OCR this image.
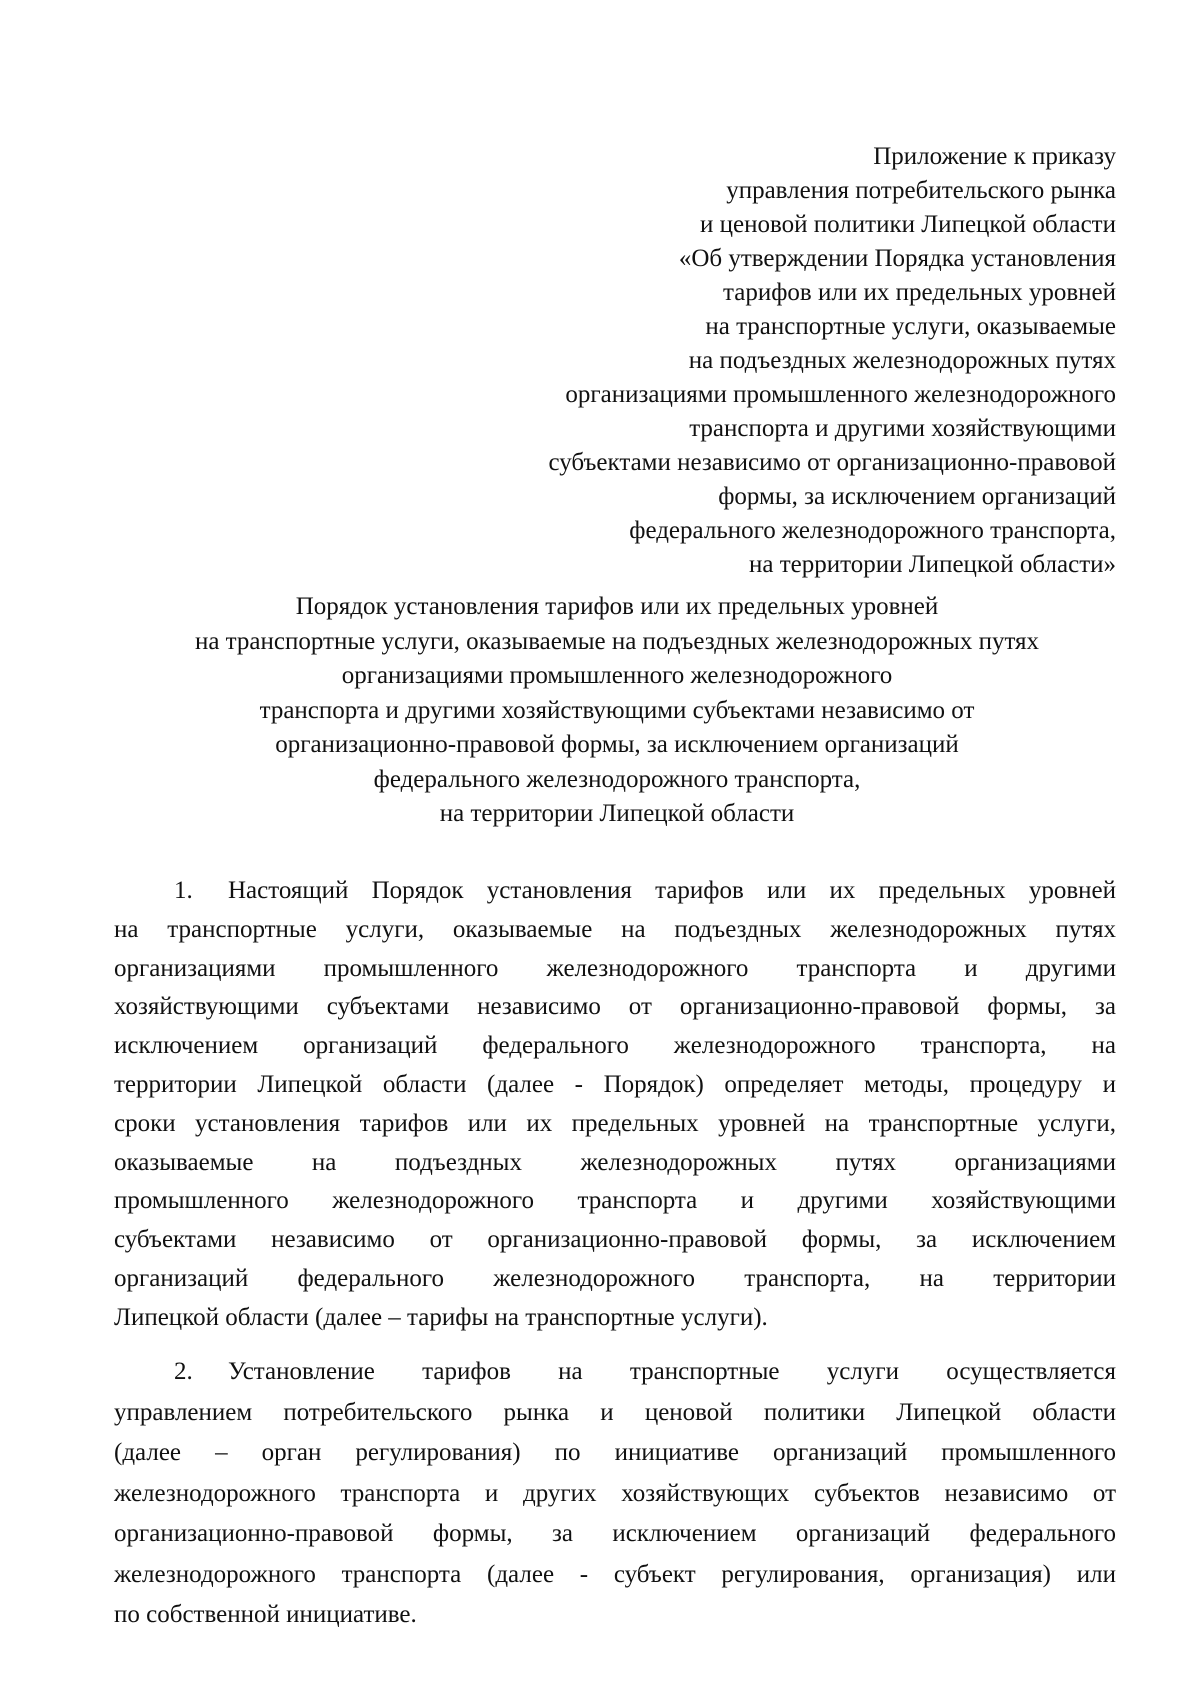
Приложение к приказу
управления потребительского рынка
и ценовой политики Липецкой области
«Об утверждении Порядка установления
тарифов или их предельных уровней
на транспортные услуги, оказываемые
на подъездных железнодорожных путях
организациями промышленного железнодорожного
транспорта и другими хозяйствующими
субъектами независимо от организационно-правовой
формы, за исключением организаций
федерального железнодорожного транспорта,
на территории Липецкой области»
Порядок установления тарифов или их предельных уровней
на транспортные услуги, оказываемые на подъездных железнодорожных путях
организациями промышленного железнодорожного
транспорта и другими хозяйствующими субъектами независимо от
организационно-правовой формы, за исключением организаций
федерального железнодорожного транспорта,
на территории Липецкой области
1. Настоящий Порядок установления тарифов или их предельных уровней
на транспортные услуги, оказываемые на подъездных железнодорожных путях
организациями промышленного железнодорожного транспорта и другими
хозяйствующими субъектами независимо от организационно-правовой формы, за
исключением организаций федерального железнодорожного транспорта, на
территории Липецкой области (далее - Порядок) определяет методы, процедуру и
сроки установления тарифов или их предельных уровней на транспортные услуги,
оказываемые на подъездных железнодорожных путях организациями
промышленного железнодорожного транспорта и другими хозяйствующими
субъектами независимо от организационно-правовой формы, за исключением
организаций федерального железнодорожного транспорта, на территории
Липецкой области (далее – тарифы на транспортные услуги).
2. Установление тарифов на транспортные услуги осуществляется
управлением потребительского рынка и ценовой политики Липецкой области
(далее – орган регулирования) по инициативе организаций промышленного
железнодорожного транспорта и других хозяйствующих субъектов независимо от
организационно-правовой формы, за исключением организаций федерального
железнодорожного транспорта (далее - субъект регулирования, организация) или
по собственной инициативе.
